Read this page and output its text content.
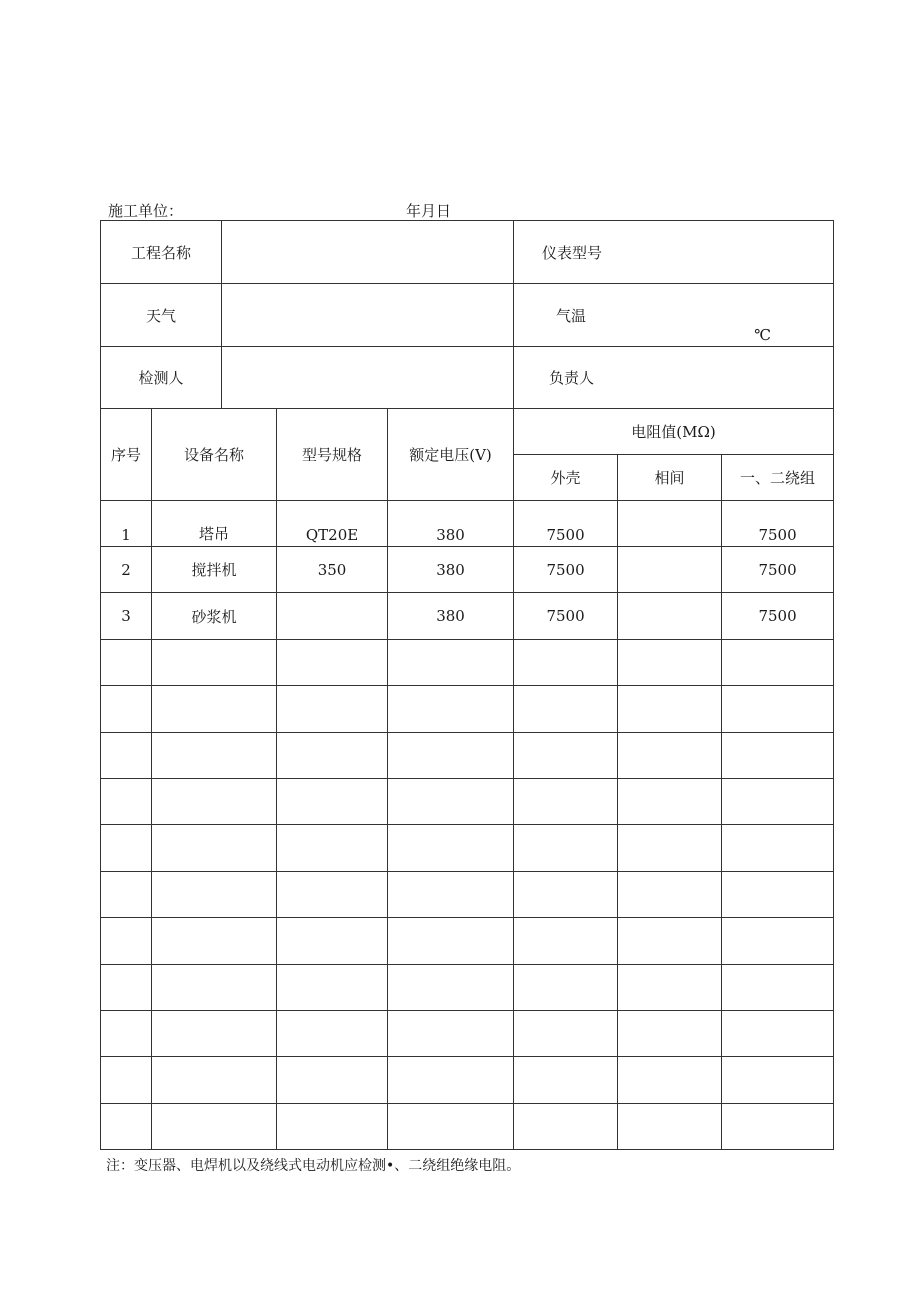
施工单位：	年月日
工程名称					仪表型号		
天气					气温
℃		

检测人					负责人		
序号	设备名称		型号规格	额定电压(V)	电阻值(MΩ)		
					外壳	相间	一、二绕组
1	塔吊		QT20E	380	7500		7500
2	搅拌机		350	380	7500		7500
3	砂浆机			380	7500		7500

注：变压器、电焊机以及绕线式电动机应检测•、二绕组绝缘电阻。
